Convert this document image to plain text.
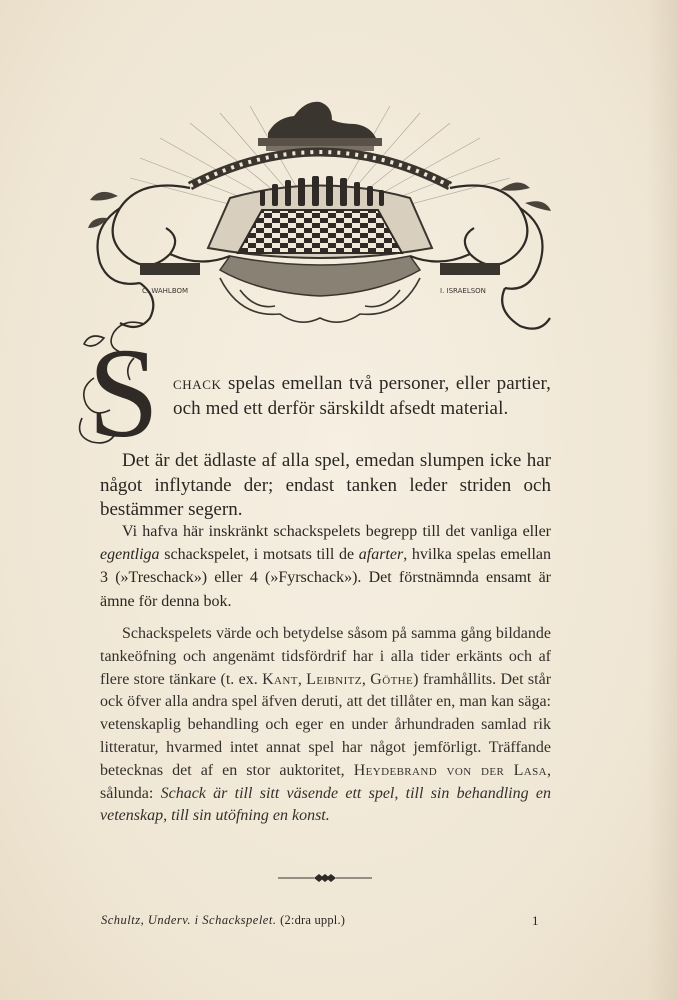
C. WAHLBOM	I. ISRAELSON
S chack spelas emellan två personer, eller partier, och med ett derför särskildt afsedt material.

Det är det ädlaste af alla spel, emedan slumpen icke har något inflytande der; endast tanken leder striden och bestämmer segern.

Vi hafva här inskränkt schackspelets begrepp till det vanliga eller egentliga schackspelet, i motsats till de afarter, hvilka spelas emellan 3 (»Treschack») eller 4 (»Fyrschack»). Det förstnämnda ensamt är ämne för denna bok.

Schackspelets värde och betydelse såsom på samma gång bildande tankeöfning och angenämt tidsfördrif har i alla tider erkänts och af flere store tänkare (t. ex. Kant, Leibnitz, Göthe) framhållits. Det står ock öfver alla andra spel äfven deruti, att det tillåter en, man kan säga: vetenskaplig behandling och eger en under århundraden samlad rik litteratur, hvarmed intet annat spel har något jemförligt. Träffande betecknas det af en stor auktoritet, Heydebrand von der Lasa, sålunda: Schack är till sitt väsende ett spel, till sin behandling en vetenskap, till sin utöfning en konst.

Schultz, Underv. i Schackspelet. (2:dra uppl.)	1
